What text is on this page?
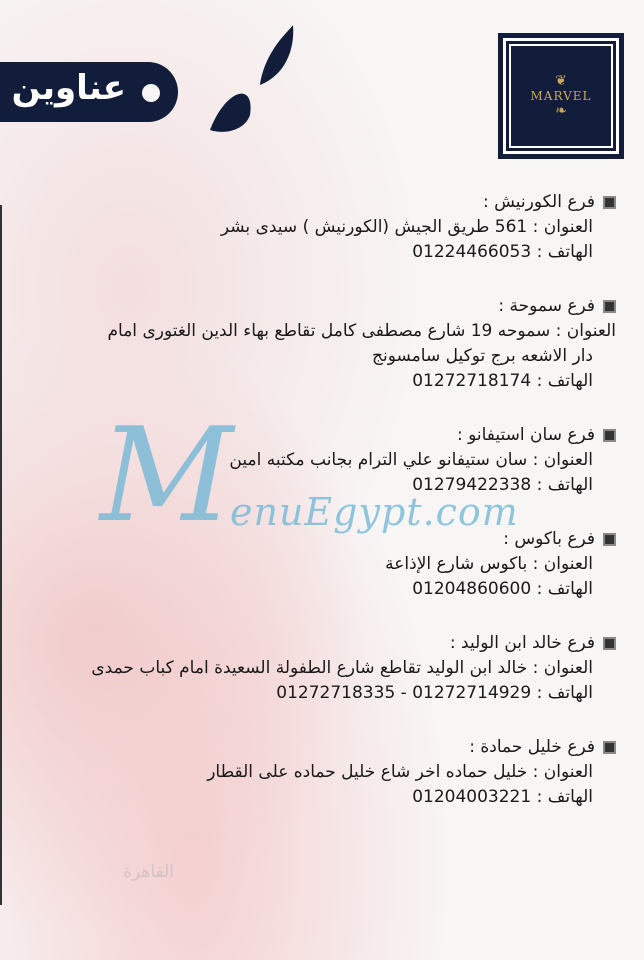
عناوين	❦
MARVEL
❧
M
enuEgypt.com
فرع الكورنيش :
العنوان : 561 طريق الجيش (الكورنيش ) سيدى بشر
الهاتف : 01224466053
فرع سموحة :
العنوان : سموحه 19 شارع مصطفى كامل تقاطع بهاء الدين الغتورى امام
دار الاشعه برج توكيل سامسونج
الهاتف : 01272718174
فرع سان استيفانو :
العنوان : سان ستيفانو علي الترام بجانب مكتبه امين
الهاتف : 01279422338
فرع باكوس :
العنوان : باكوس شارع الإذاعة
الهاتف : 01204860600
فرع خالد ابن الوليد :
العنوان : خالد ابن الوليد تقاطع شارع الطفولة السعيدة امام كباب حمدى
الهاتف : 01272714929 - 01272718335
فرع خليل حمادة :
العنوان : خليل حماده اخر شاع خليل حماده على القطار
الهاتف : 01204003221
القاهرة
